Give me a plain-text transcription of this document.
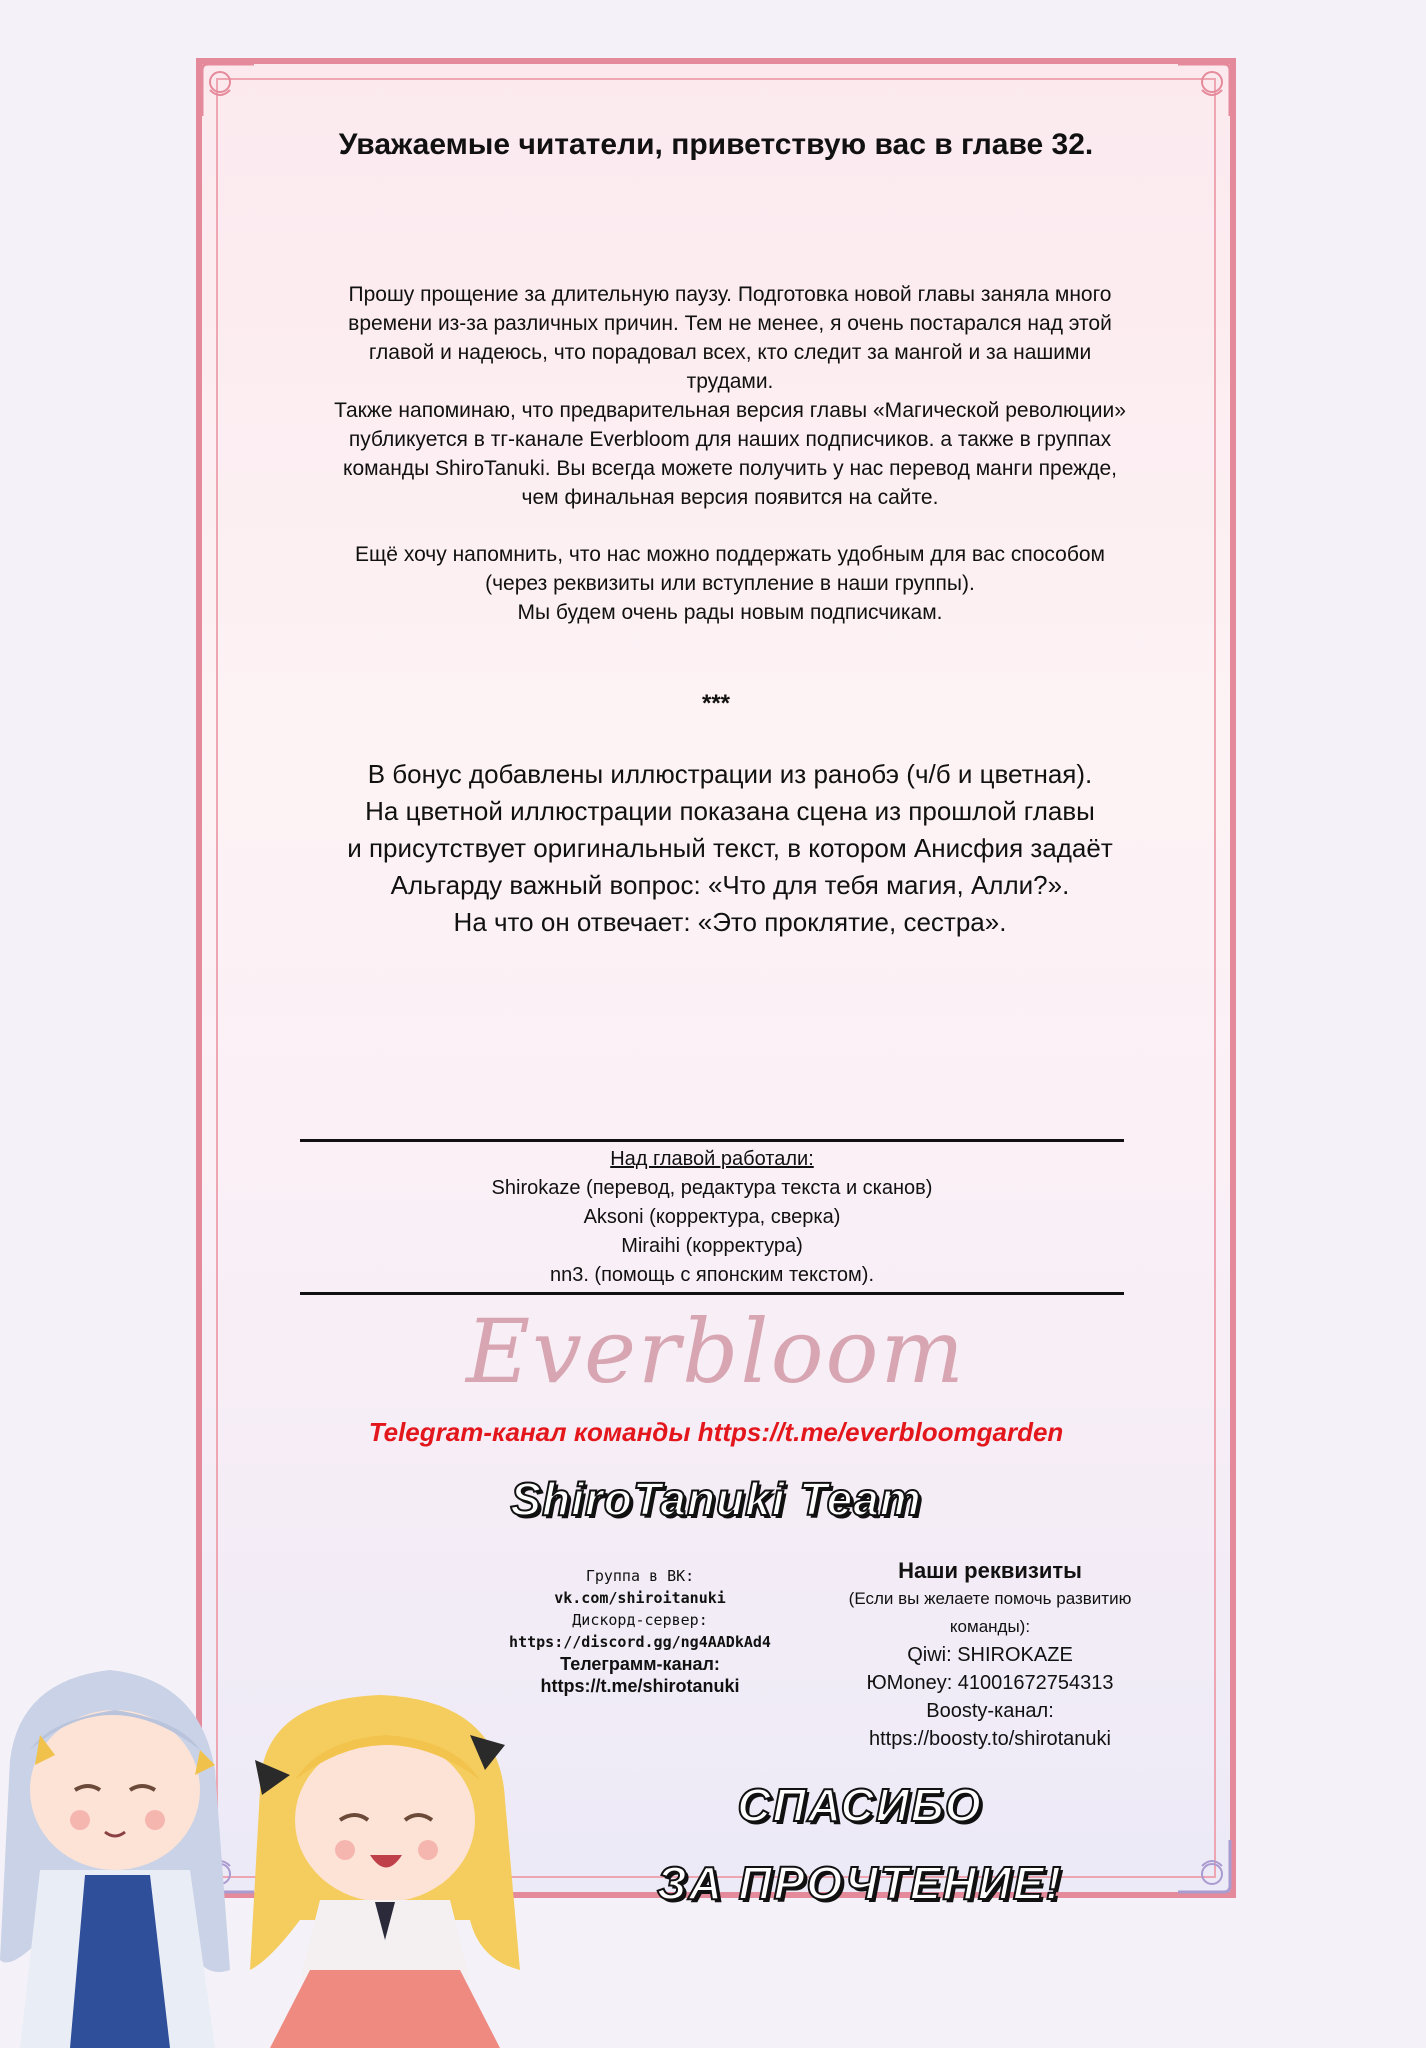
Уважаемые читатели, приветствую вас в главе 32.
Прошу прощение за длительную паузу. Подготовка новой главы заняла много
времени из-за различных причин. Тем не менее, я очень постарался над этой
главой и надеюсь, что порадовал всех, кто следит за мангой и за нашими трудами.
Также напоминаю, что предварительная версия главы «Магической революции»
публикуется в тг-канале Everbloom для наших подписчиков. а также в группах
команды ShiroTanuki. Вы всегда можете получить у нас перевод манги прежде,
чем финальная версия появится на сайте.
Ещё хочу напомнить, что нас можно поддержать удобным для вас способом
(через реквизиты или вступление в наши группы).
Мы будем очень рады новым подписчикам.
***
В бонус добавлены иллюстрации из ранобэ (ч/б и цветная).
На цветной иллюстрации показана сцена из прошлой главы
и присутствует оригинальный текст, в котором Анисфия задаёт
Альгарду важный вопрос: «Что для тебя магия, Алли?».
На что он отвечает: «Это проклятие, сестра».
Над главой работали:
Shirokaze (перевод, редактура текста и сканов)
Aksoni (корректура, сверка)
Miraihi (корректура)
nn3. (помощь с японским текстом).
Everbloom
Telegram-канал команды https://t.me/everbloomgarden
ShiroTanuki Team
Группа в ВК:
vk.com/shiroitanuki
Дискорд-сервер:
https://discord.gg/ng4AADkAd4
Телеграмм-канал:
https://t.me/shirotanuki
Наши реквизиты
(Если вы желаете помочь развитию команды):
Qiwi: SHIROKAZE
ЮMoney: 41001672754313
Boosty-канал:
https://boosty.to/shirotanuki
СПАСИБО
ЗА ПРОЧТЕНИЕ!
